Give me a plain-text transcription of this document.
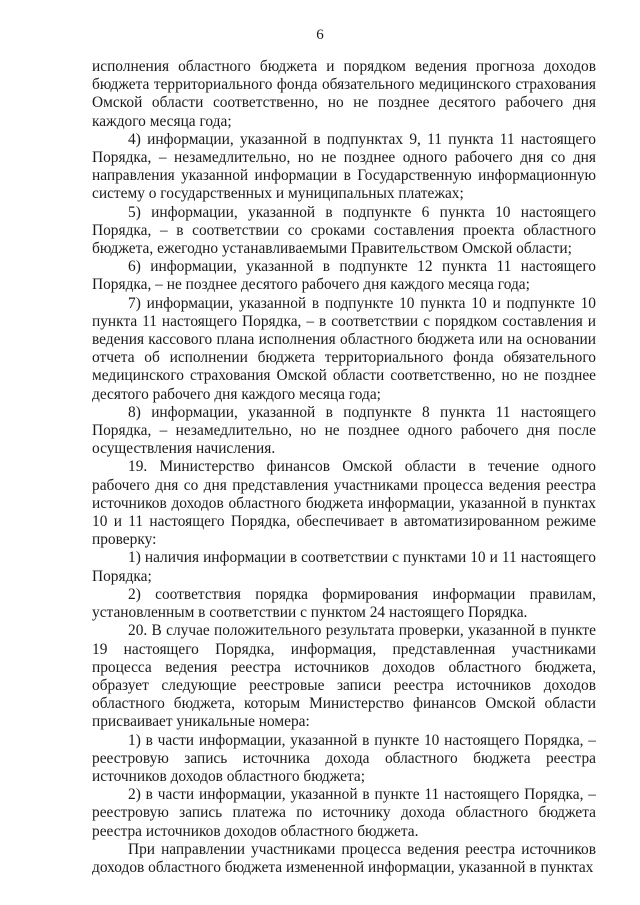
6

исполнения областного бюджета и порядком ведения прогноза доходов бюджета территориального фонда обязательного медицинского страхования Омской области соответственно, но не позднее десятого рабочего дня каждого месяца года;

4) информации, указанной в подпунктах 9, 11 пункта 11 настоящего Порядка, – незамедлительно, но не позднее одного рабочего дня со дня направления указанной информации в Государственную информационную систему о государственных и муниципальных платежах;

5) информации, указанной в подпункте 6 пункта 10 настоящего Порядка, – в соответствии со сроками составления проекта областного бюджета, ежегодно устанавливаемыми Правительством Омской области;

6) информации, указанной в подпункте 12 пункта 11 настоящего Порядка, – не позднее десятого рабочего дня каждого месяца года;

7) информации, указанной в подпункте 10 пункта 10 и подпункте 10 пункта 11 настоящего Порядка, – в соответствии с порядком составления и ведения кассового плана исполнения областного бюджета или на основании отчета об исполнении бюджета территориального фонда обязательного медицинского страхования Омской области соответственно, но не позднее десятого рабочего дня каждого месяца года;

8) информации, указанной в подпункте 8 пункта 11 настоящего Порядка, – незамедлительно, но не позднее одного рабочего дня после осуществления начисления.

19. Министерство финансов Омской области в течение одного рабочего дня со дня представления участниками процесса ведения реестра источников доходов областного бюджета информации, указанной в пунктах 10 и 11 настоящего Порядка, обеспечивает в автоматизированном режиме проверку:

1) наличия информации в соответствии с пунктами 10 и 11 настоящего Порядка;

2) соответствия порядка формирования информации правилам, установленным в соответствии с пунктом 24 настоящего Порядка.

20. В случае положительного результата проверки, указанной в пункте 19 настоящего Порядка, информация, представленная участниками процесса ведения реестра источников доходов областного бюджета, образует следующие реестровые записи реестра источников доходов областного бюджета, которым Министерство финансов Омской области присваивает уникальные номера:

1) в части информации, указанной в пункте 10 настоящего Порядка, – реестровую запись источника дохода областного бюджета реестра источников доходов областного бюджета;

2) в части информации, указанной в пункте 11 настоящего Порядка, – реестровую запись платежа по источнику дохода областного бюджета реестра источников доходов областного бюджета.

При направлении участниками процесса ведения реестра источников доходов областного бюджета измененной информации, указанной в пунктах
